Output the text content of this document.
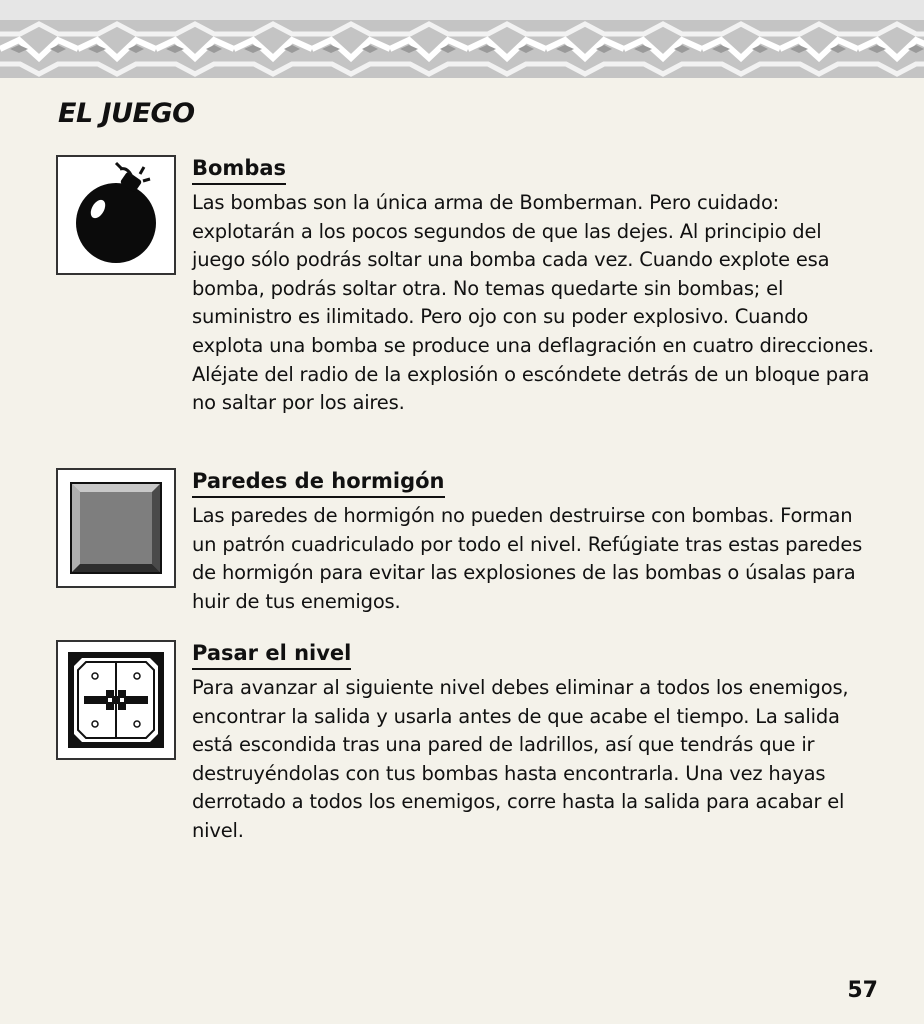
EL JUEGO
Bombas

Las bombas son la única arma de Bomberman. Pero cuidado: explotarán a los pocos segundos de que las dejes. Al principio del juego sólo podrás soltar una bomba cada vez. Cuando explote esa bomba, podrás soltar otra. No temas quedarte sin bombas; el suministro es ilimitado. Pero ojo con su poder explosivo. Cuando explota una bomba se produce una deflagración en cuatro direcciones. Aléjate del radio de la explosión o escóndete detrás de un bloque para no saltar por los aires.

Paredes de hormigón

Las paredes de hormigón no pueden destruirse con bombas. Forman un patrón cuadriculado por todo el nivel. Refúgiate tras estas paredes de hormigón para evitar las explosiones de las bombas o úsalas para huir de tus enemigos.

Pasar el nivel

Para avanzar al siguiente nivel debes eliminar a todos los enemigos, encontrar la salida y usarla antes de que acabe el tiempo. La salida está escondida tras una pared de ladrillos, así que tendrás que ir destruyéndolas con tus bombas hasta encontrarla. Una vez hayas derrotado a todos los enemigos, corre hasta la salida para acabar el nivel.

57
